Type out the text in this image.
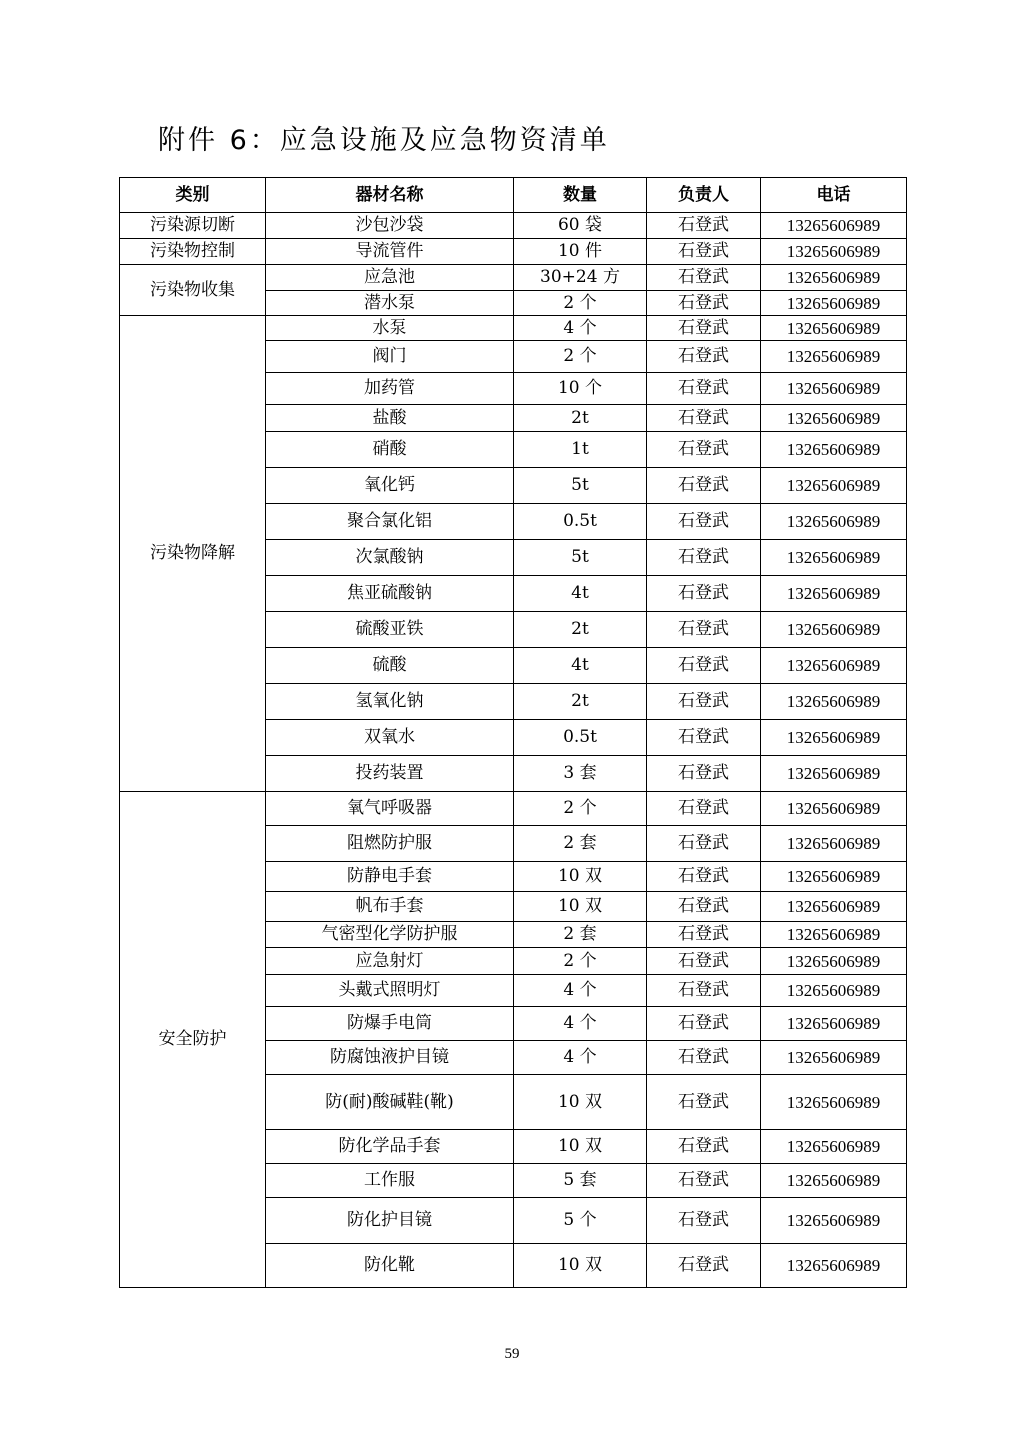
附件 6：应急设施及应急物资清单
类别	器材名称	数量	负责人	电话
污染源切断	沙包沙袋	60 袋	石登武	13265606989
污染物控制	导流管件	10 件	石登武	13265606989
污染物收集	应急池	30+24 方	石登武	13265606989
	潜水泵	2 个	石登武	13265606989
污染物降解	水泵	4 个	石登武	13265606989
	阀门	2 个	石登武	13265606989
	加药管	10 个	石登武	13265606989
	盐酸	2t	石登武	13265606989
	硝酸	1t	石登武	13265606989
	氧化钙	5t	石登武	13265606989
	聚合氯化铝	0.5t	石登武	13265606989
	次氯酸钠	5t	石登武	13265606989
	焦亚硫酸钠	4t	石登武	13265606989
	硫酸亚铁	2t	石登武	13265606989
	硫酸	4t	石登武	13265606989
	氢氧化钠	2t	石登武	13265606989
	双氧水	0.5t	石登武	13265606989
	投药装置	3 套	石登武	13265606989
安全防护	氧气呼吸器	2 个	石登武	13265606989
	阻燃防护服	2 套	石登武	13265606989
	防静电手套	10 双	石登武	13265606989
	帆布手套	10 双	石登武	13265606989
	气密型化学防护服	2 套	石登武	13265606989
	应急射灯	2 个	石登武	13265606989
	头戴式照明灯	4 个	石登武	13265606989
	防爆手电筒	4 个	石登武	13265606989
	防腐蚀液护目镜	4 个	石登武	13265606989
	防(耐)酸碱鞋(靴)	10 双	石登武	13265606989
	防化学品手套	10 双	石登武	13265606989
	工作服	5 套	石登武	13265606989
	防化护目镜	5 个	石登武	13265606989
	防化靴	10 双	石登武	13265606989
59
